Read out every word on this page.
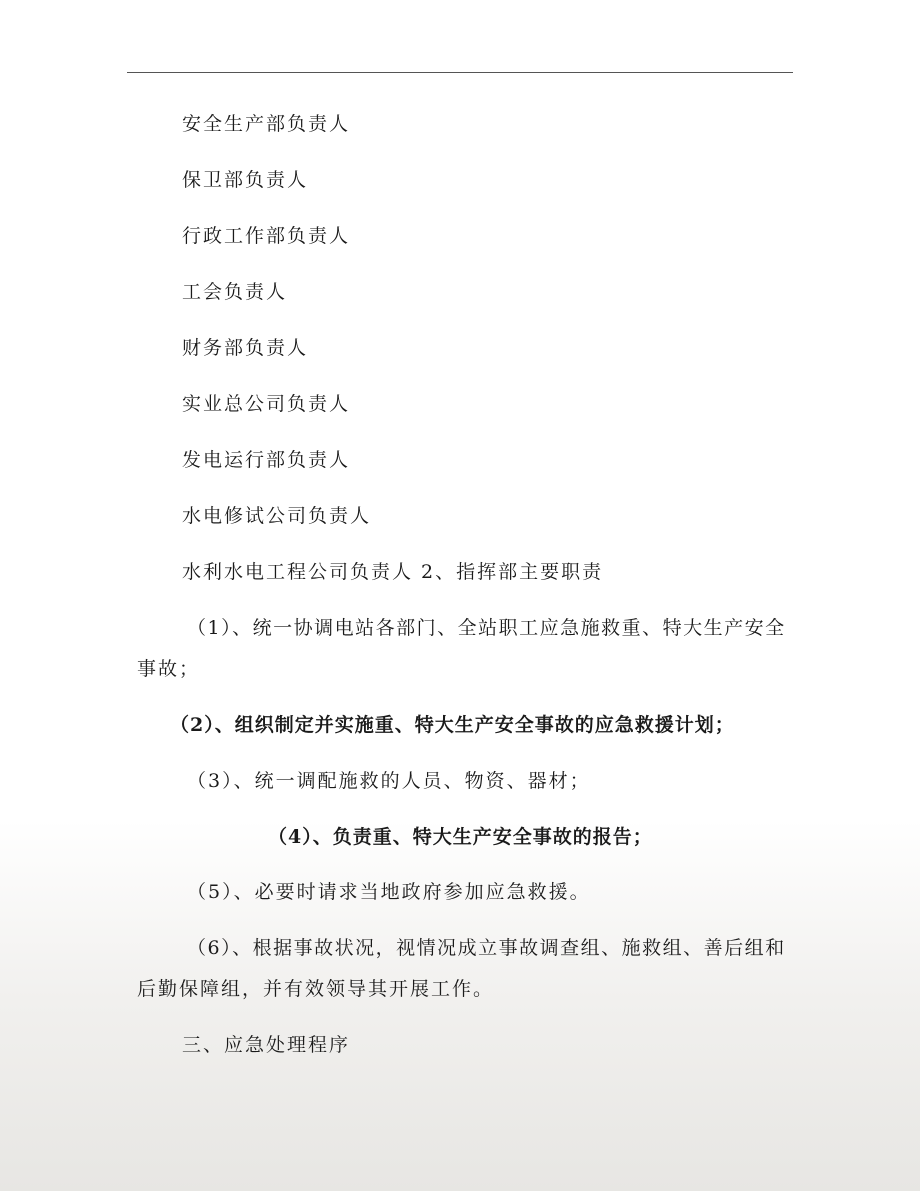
安全生产部负责人
保卫部负责人
行政工作部负责人
工会负责人
财务部负责人
实业总公司负责人
发电运行部负责人
水电修试公司负责人
水利水电工程公司负责人 2、指挥部主要职责
（1）、统一协调电站各部门、全站职工应急施救重、特大生产安全
事故；
（2）、组织制定并实施重、特大生产安全事故的应急救援计划；
（3）、统一调配施救的人员、物资、器材；
（4）、负责重、特大生产安全事故的报告；
（5）、必要时请求当地政府参加应急救援。
（6）、根据事故状况，视情况成立事故调查组、施救组、善后组和
后勤保障组，并有效领导其开展工作。
三、应急处理程序
